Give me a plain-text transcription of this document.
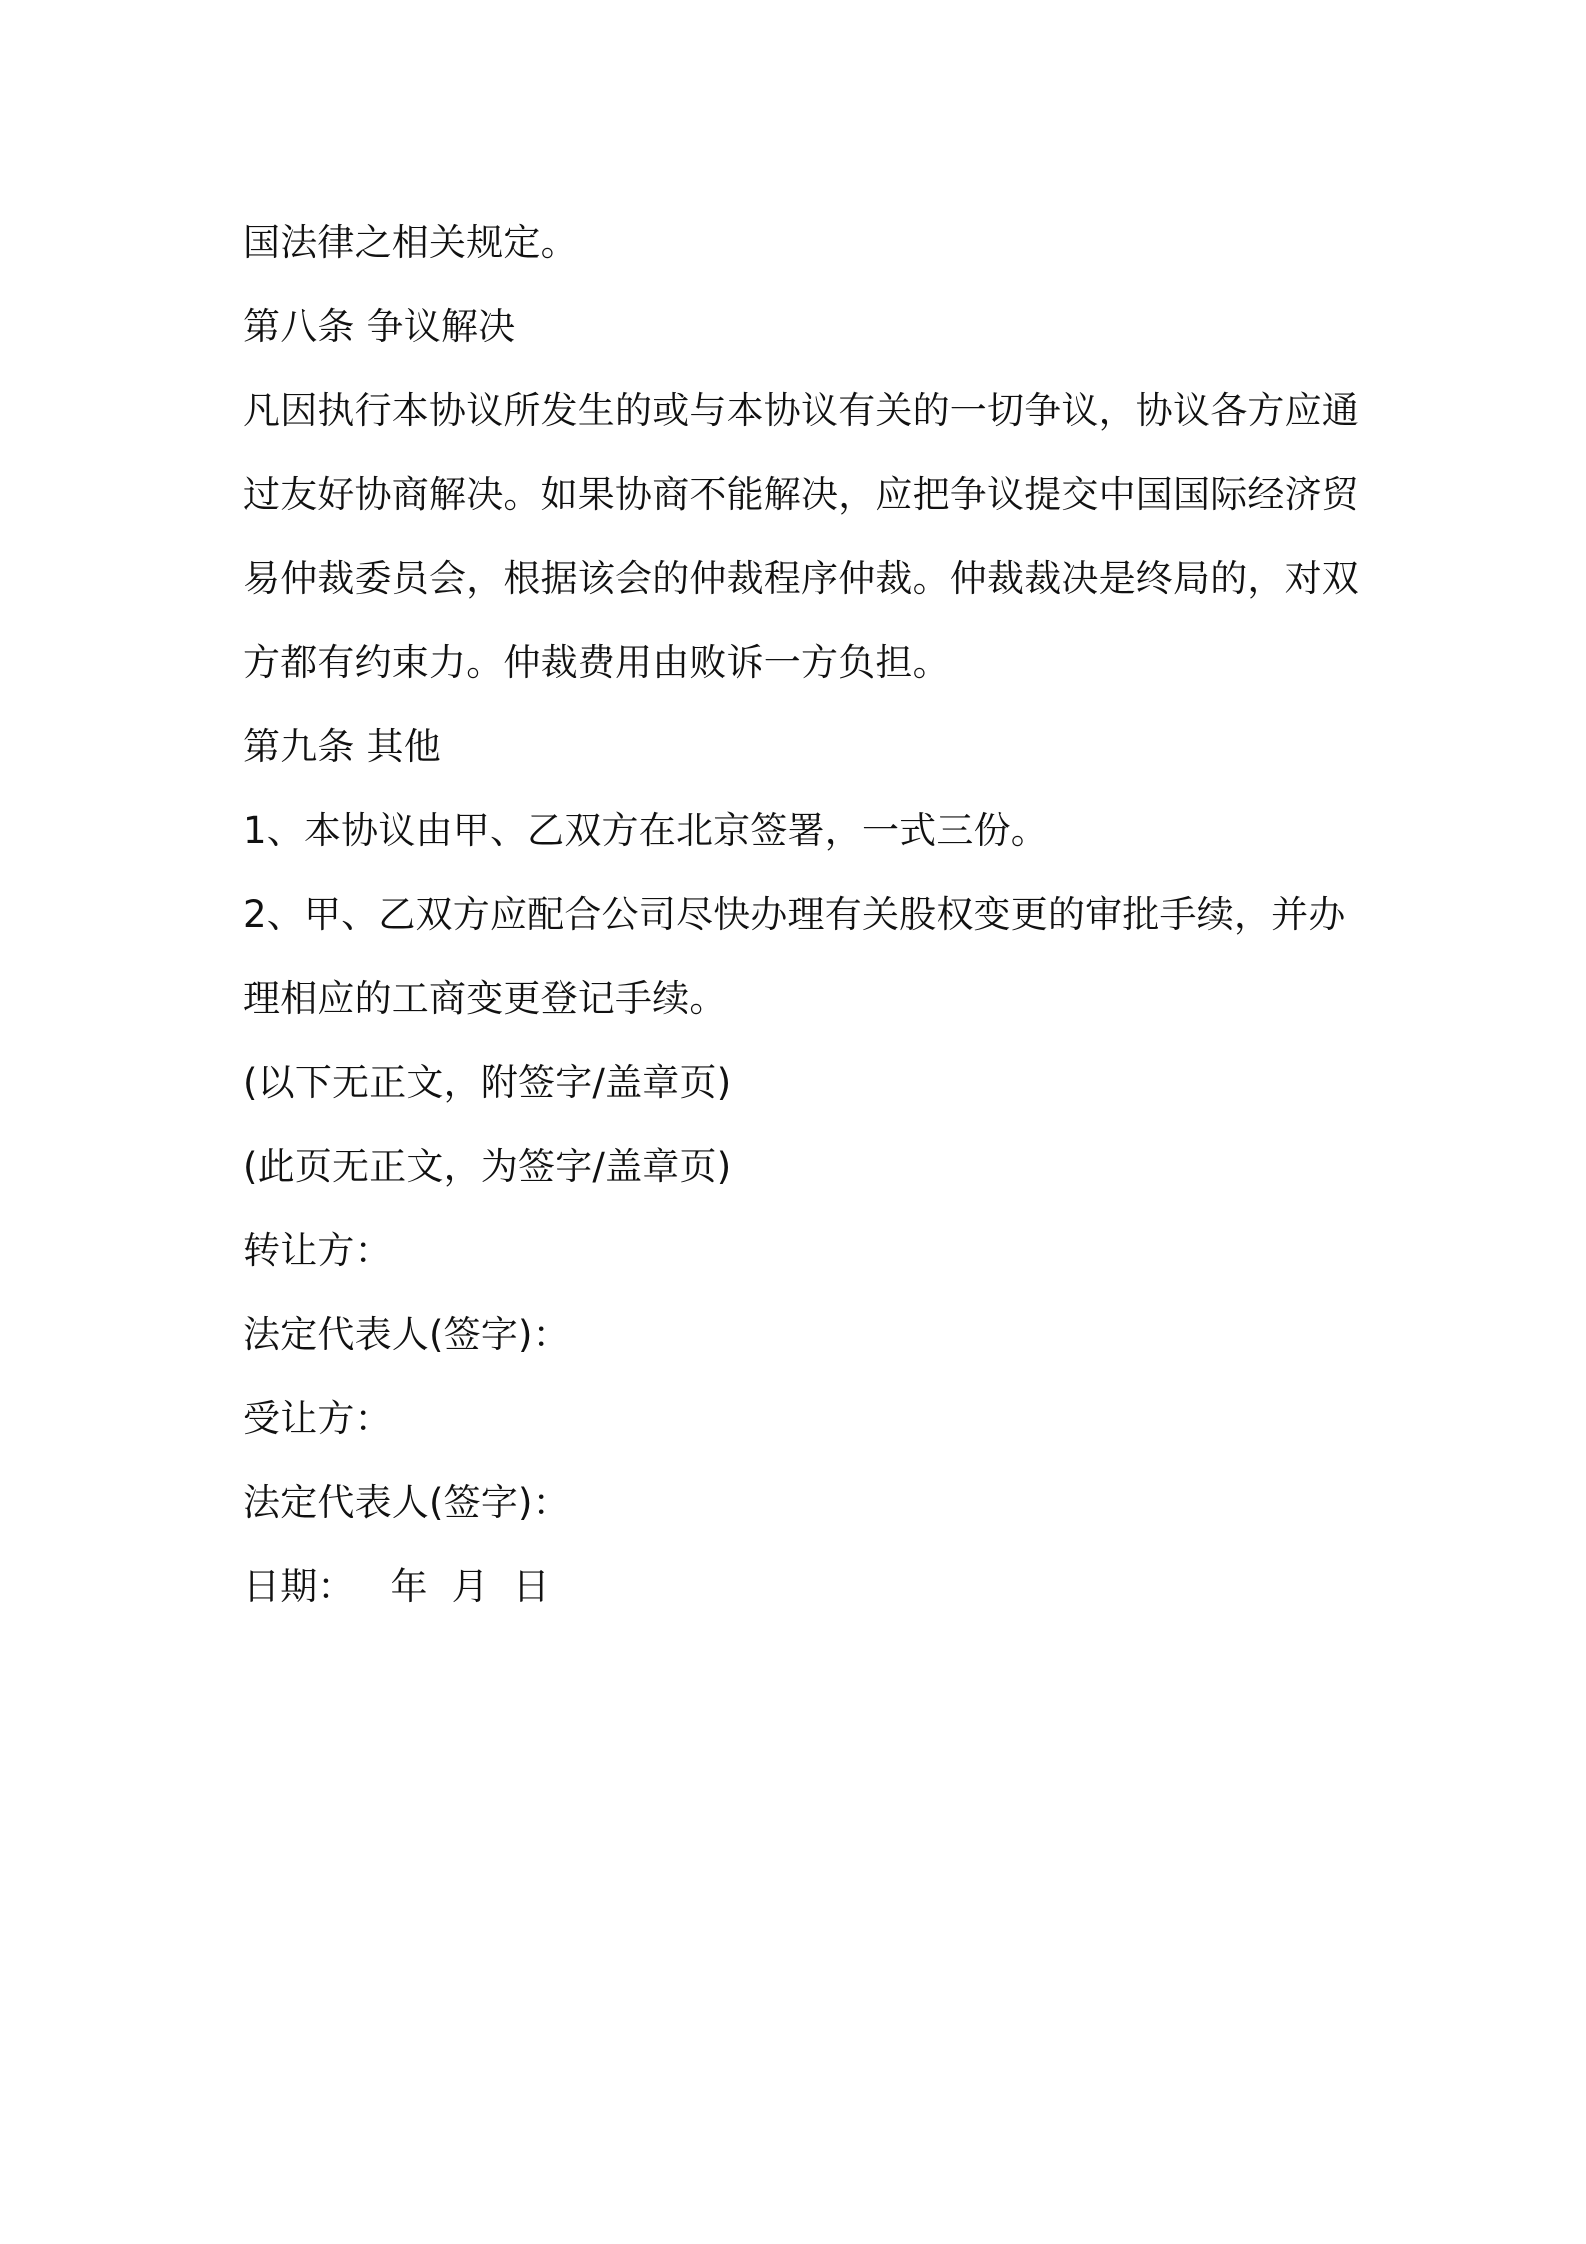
国法律之相关规定。
第八条 争议解决
凡因执行本协议所发生的或与本协议有关的一切争议，协议各方应通
过友好协商解决。如果协商不能解决，应把争议提交中国国际经济贸
易仲裁委员会，根据该会的仲裁程序仲裁。仲裁裁决是终局的，对双
方都有约束力。仲裁费用由败诉一方负担。
第九条 其他
1、本协议由甲、乙双方在北京签署，一式三份。
2、甲、乙双方应配合公司尽快办理有关股权变更的审批手续，并办
理相应的工商变更登记手续。
(以下无正文，附签字/盖章页)
(此页无正文，为签字/盖章页)
转让方：
法定代表人(签字)：
受让方：
法定代表人(签字)：
日期：   年  月  日
